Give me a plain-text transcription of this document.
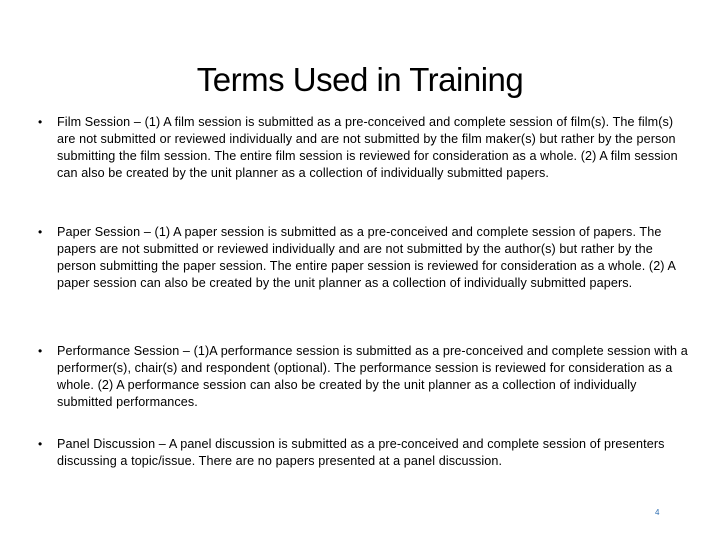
Terms Used in Training
•	Film Session – (1) A film session is submitted as a pre-conceived and complete session of film(s). The film(s) are not submitted or reviewed individually and are not submitted by the film maker(s) but rather by the person submitting the film session. The entire film session is reviewed for consideration as a whole. (2) A film session can also be created by the unit planner as a collection of individually submitted papers.
•	Paper Session – (1) A paper session is submitted as a pre-conceived and complete session of papers. The papers are not submitted or reviewed individually and are not submitted by the author(s) but rather by the person submitting the paper session. The entire paper session is reviewed for consideration as a whole. (2) A paper session can also be created by the unit planner as a collection of individually submitted papers.
•	Performance Session – (1)A performance session is submitted as a pre-conceived and complete session with a performer(s), chair(s) and respondent (optional). The performance session is reviewed for consideration as a whole. (2) A performance session can also be created by the unit planner as a collection of individually submitted performances.
•	Panel Discussion – A panel discussion is submitted as a pre-conceived and complete session of presenters discussing a topic/issue. There are no papers presented at a panel discussion.
4
